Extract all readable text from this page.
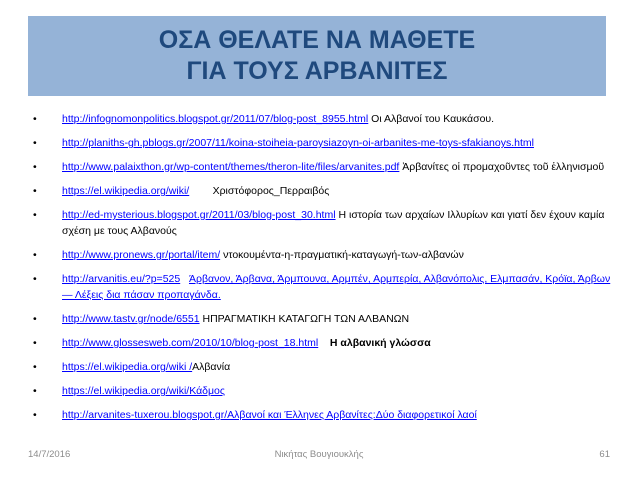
ΟΣΑ ΘΕΛΑΤΕ ΝΑ ΜΑΘΕΤΕ
ΓΙΑ ΤΟΥΣ ΑΡΒΑΝΙΤΕΣ
• http://infognomonpolitics.blogspot.gr/2011/07/blog-post_8955.html Οι Αλβανοί του Καυκάσου.
• http://planiths-gh.pblogs.gr/2007/11/koina-stoiheia-paroysiazoyn-oi-arbanites-me-toys-sfakianoys.html
• http://www.palaixthon.gr/wp-content/themes/theron-lite/files/arvanites.pdf Ἀρβανίτες οἱ προμαχοῦντες τοῦ ἑλληνισμοῦ
• https://el.wikipedia.org/wiki/        Χριστόφορος_Περραιβός
• http://ed-mysterious.blogspot.gr/2011/03/blog-post_30.html Η ιστορία των αρχαίων Ιλλυρίων και γιατί δεν έχουν καμία σχέση με τους Αλβανούς
• http://www.pronews.gr/portal/item/ ντοκουμέντα-η-πραγματική-καταγωγή-των-αλβανών
• http://arvanitis.eu/?p=525 Άρβανον, Άρβανα, Άρμπουνα, Αρμπέν, Αρμπερία, Αλβανόπολις, Ελμπασάν, Κρόϊα, Άρβων — Λέξεις δια πάσαν προπαγάνδα.
• http://www.tastv.gr/node/6551 ΗΠΡΑΓΜΑΤΙΚΗ ΚΑΤΑΓΩΓΗ ΤΩΝ ΑΛΒΑΝΩΝ
• http://www.glossesweb.com/2010/10/blog-post_18.html Η αλβανική γλώσσα
• https://el.wikipedia.org/wiki /Αλβανία
• https://el.wikipedia.org/wiki/Κάδμος
• http://arvanites-tuxerou.blogspot.gr/Αλβανοί και Έλληνες Αρβανίτες:Δύο διαφορετικοί λαοί
14/7/2016	Νικήτας Βουγιουκλής	61
